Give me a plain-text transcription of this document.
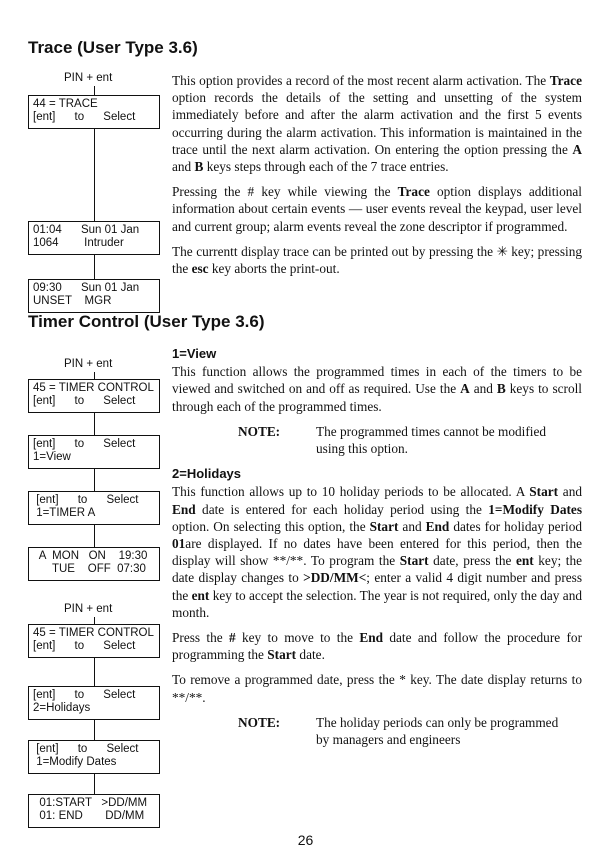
Trace (User Type 3.6)
PIN + ent
44 = TRACE
[ent]      to      Select
01:04      Sun 01 Jan
1064        Intruder
09:30      Sun 01 Jan
UNSET    MGR

This option provides a record of the most recent alarm activation. The Trace option records the details of the setting and unsetting of the system immediately before and after the alarm activation and the first 5 events occurring during the alarm activation. This information is maintained in the trace until the next alarm activation. On entering the option pressing the A and B keys steps through each of the 7 trace entries.

Pressing the # key while viewing the Trace option displays additional information about certain events — user events reveal the keypad, user level and current group; alarm events reveal the zone descriptor if programmed.

The currentt display trace can be printed out by pressing the ✳ key; pressing the esc key aborts the print-out.

Timer Control (User Type 3.6)
PIN + ent
45 = TIMER CONTROL
[ent]      to      Select
[ent]      to      Select
1=View
[ent]      to      Select
1=TIMER A
A  MON   ON    19:30
TUE    OFF  07:30
PIN + ent
45 = TIMER CONTROL
[ent]      to      Select
[ent]      to      Select
2=Holidays
[ent]      to      Select
1=Modify Dates
01:START   >DD/MM
01: END       DD/MM
1=View

This function allows the programmed times in each of the timers to be viewed and switched on and off as required. Use the A and B keys to scroll through each of the programmed times.

NOTE:	The programmed times cannot be modified using this option.
2=Holidays

This function allows up to 10 holiday periods to be allocated. A Start and End date is entered for each holiday period using the 1=Modify Dates option. On selecting this option, the Start and End dates for holiday period 01are displayed. If no dates have been entered for this period, then the display will show **/**. To program the Start date, press the ent key; the date display changes to >DD/MM<; enter a valid 4 digit number and press the ent key to accept the selection. The year is not required, only the day and month.

Press the # key to move to the End date and follow the procedure for programming the Start date.

To remove a programmed date, press the * key. The date display returns to **/**.

NOTE:	The holiday periods can only be programmed by managers and engineers
26
